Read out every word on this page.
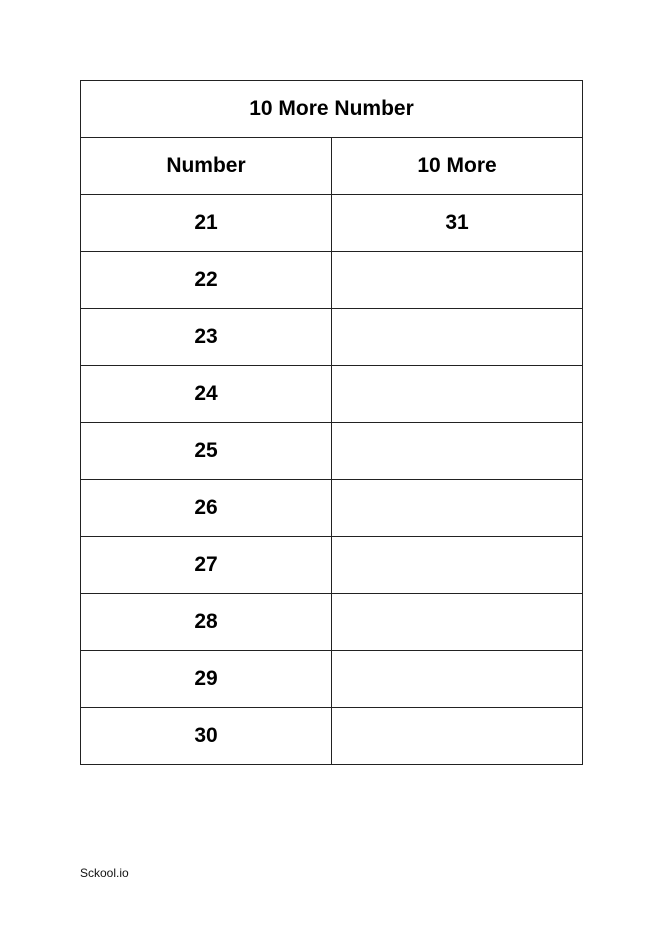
10 More Number	
Number	10 More
21	31
22	
23	
24	
25	
26	
27	
28	
29	
30	
Sckool.io
